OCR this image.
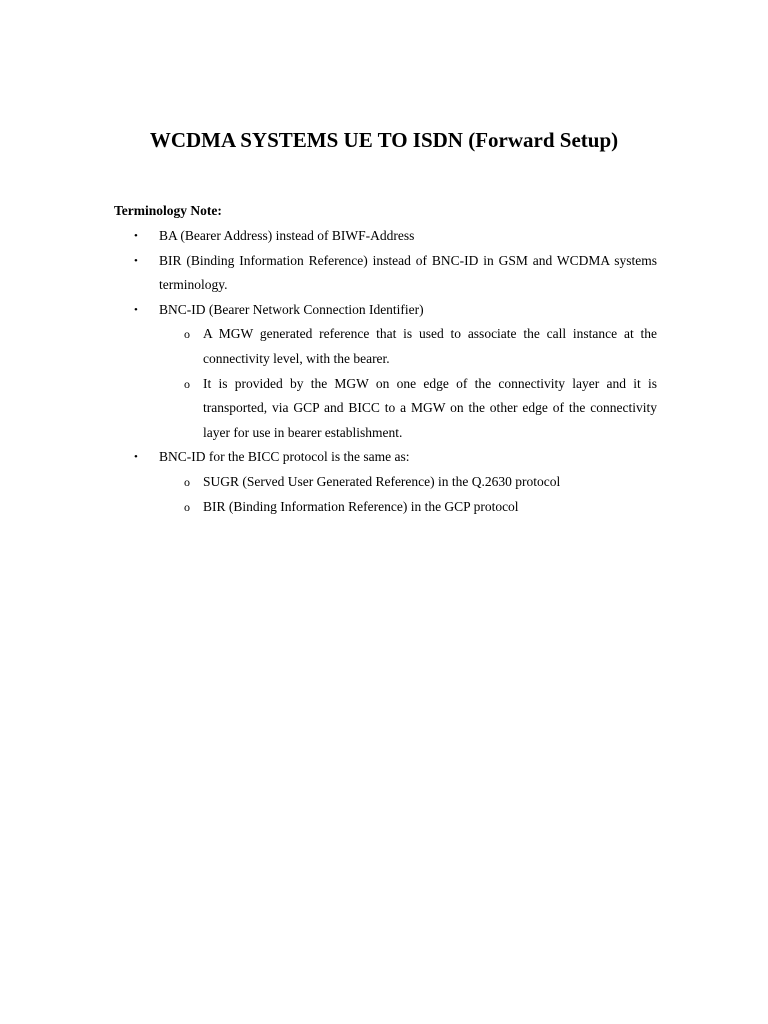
WCDMA SYSTEMS UE TO ISDN (Forward Setup)

Terminology Note:

•	BA (Bearer Address) instead of BIWF-Address
•	BIR (Binding Information Reference) instead of BNC-ID in GSM and WCDMA systems terminology.
•	BNC-ID (Bearer Network Connection Identifier)
o A MGW generated reference that is used to associate the call instance at the connectivity level, with the bearer.
o It is provided by the MGW on one edge of the connectivity layer and it is transported, via GCP and BICC to a MGW on the other edge of the connectivity layer for use in bearer establishment.
•	BNC-ID for the BICC protocol is the same as:
o SUGR (Served User Generated Reference) in the Q.2630 protocol
o BIR (Binding Information Reference) in the GCP protocol
